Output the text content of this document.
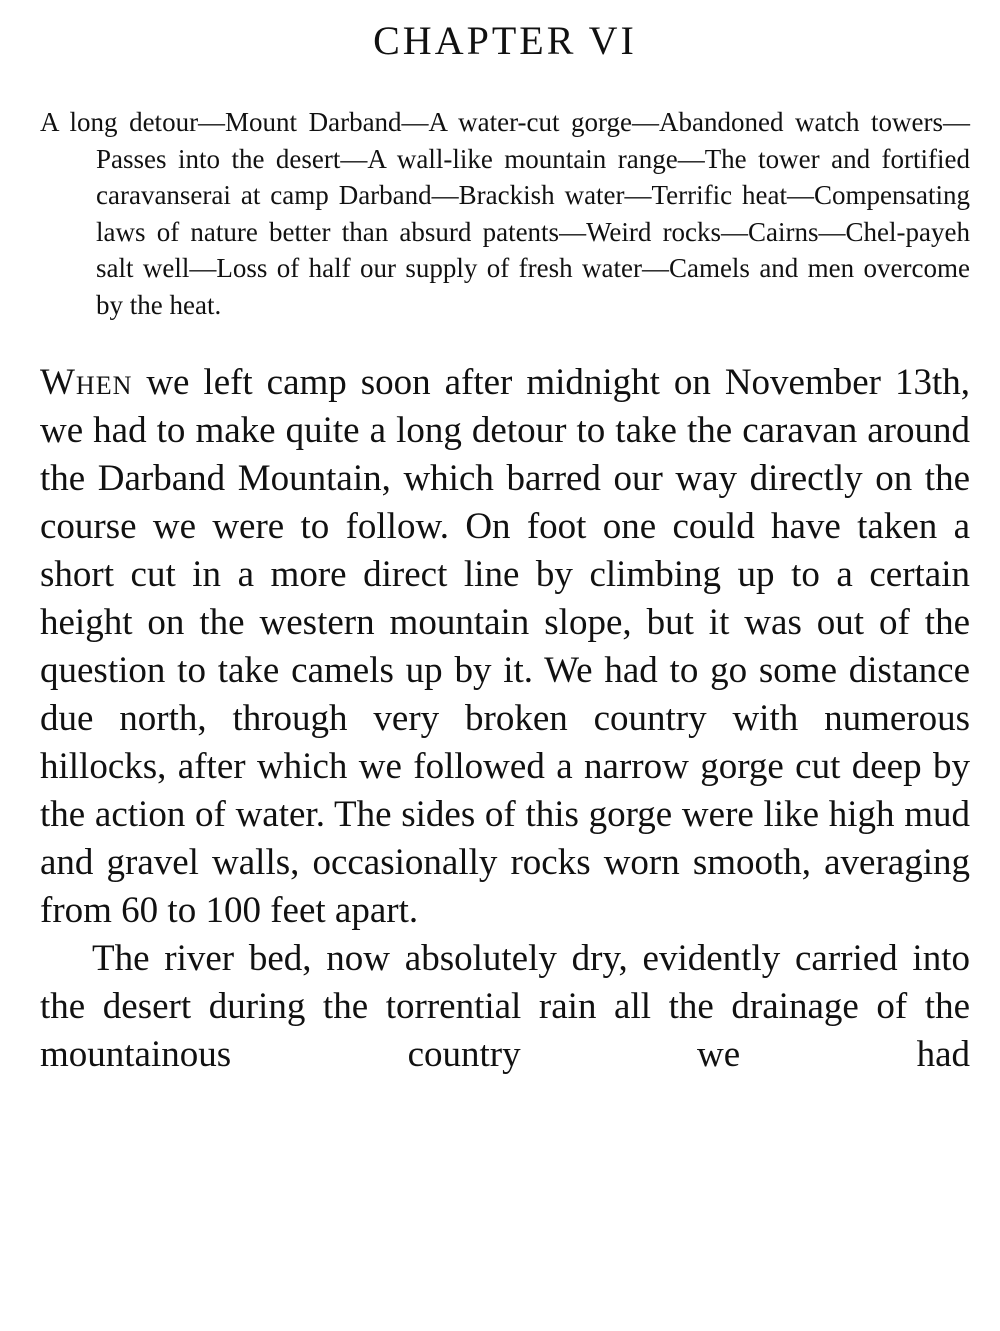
CHAPTER VI
A long detour—Mount Darband—A water-cut gorge—Abandoned watch towers—Passes into the desert—A wall-like mountain range—The tower and fortified caravanserai at camp Darband—Brackish water—Terrific heat—Compensating laws of nature better than absurd patents—Weird rocks—Cairns—Chel-payeh salt well—Loss of half our supply of fresh water—Camels and men overcome by the heat.

When we left camp soon after midnight on November 13th, we had to make quite a long detour to take the caravan around the Darband Mountain, which barred our way directly on the course we were to follow. On foot one could have taken a short cut in a more direct line by climbing up to a certain height on the western mountain slope, but it was out of the question to take camels up by it. We had to go some distance due north, through very broken country with numerous hillocks, after which we followed a narrow gorge cut deep by the action of water. The sides of this gorge were like high mud and gravel walls, occasionally rocks worn smooth, averaging from 60 to 100 feet apart.

The river bed, now absolutely dry, evidently carried into the desert during the torrential rain all the drainage of the mountainous country we had
